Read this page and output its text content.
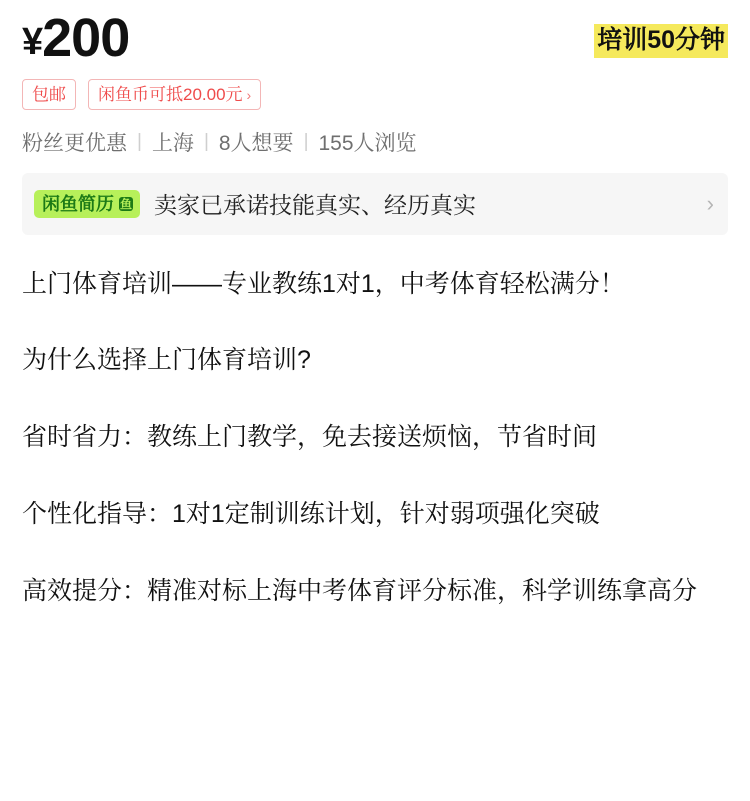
¥200	培训50分钟
包邮	闲鱼币可抵20.00元 ›
粉丝更优惠 | 上海 | 8人想要 | 155人浏览
闲鱼简历 鱼 卖家已承诺技能真实、经历真实	›

上门体育培训——专业教练1对1，中考体育轻松满分！

为什么选择上门体育培训?

省时省力：教练上门教学，免去接送烦恼，节省时间

个性化指导：1对1定制训练计划，针对弱项强化突破

高效提分：精准对标上海中考体育评分标准，科学训练拿高分
